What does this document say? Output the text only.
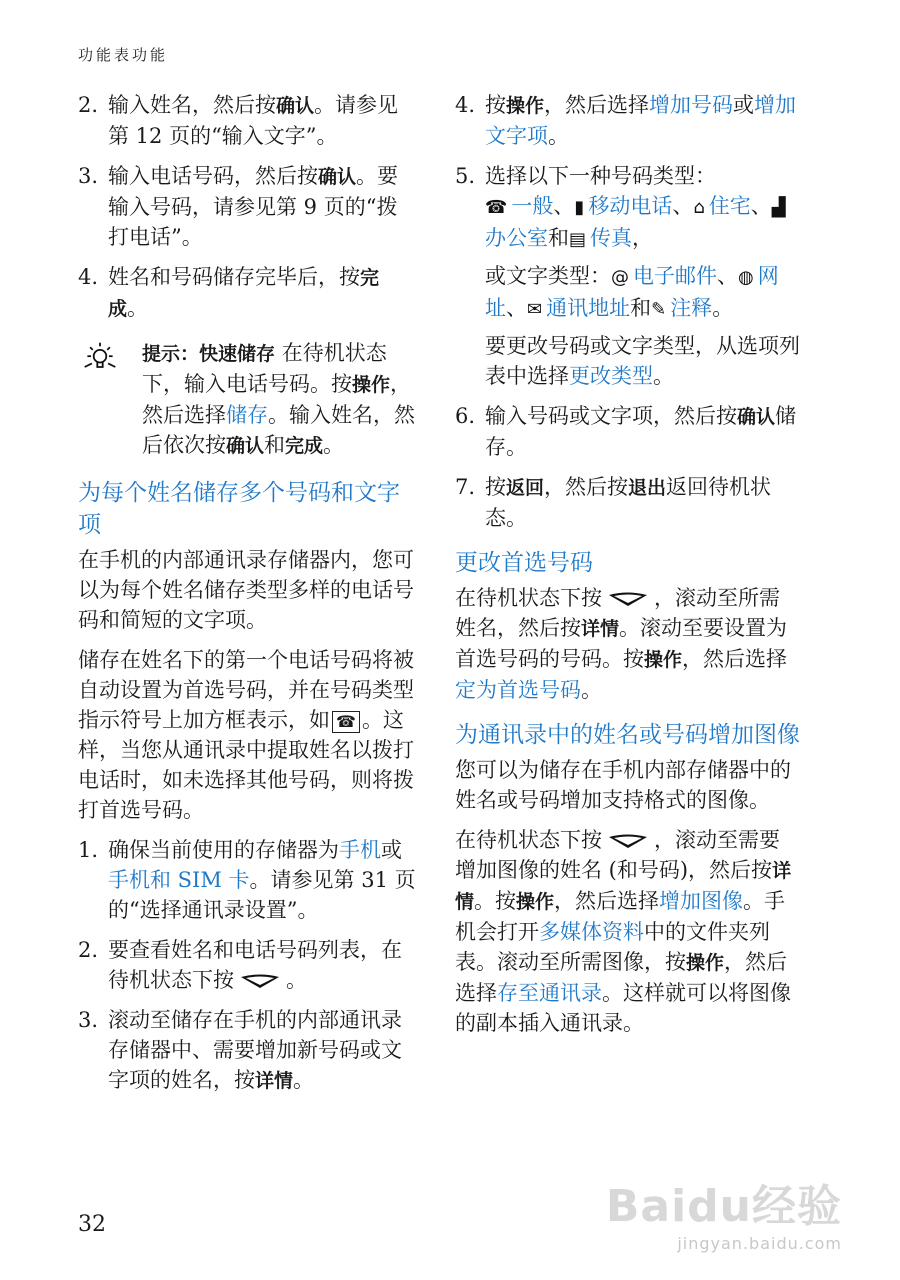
功能表功能
2. 输入姓名，然后按确认。请参见第 12 页的“输入文字”。
3. 输入电话号码，然后按确认。要输入号码，请参见第 9 页的“拨打电话”。
4. 姓名和号码储存完毕后，按完成。

提示：快速储存 在待机状态下，输入电话号码。按操作，然后选择储存。输入姓名，然后依次按确认和完成。

为每个姓名储存多个号码和文字项

在手机的内部通讯录存储器内，您可以为每个姓名储存类型多样的电话号码和简短的文字项。

储存在姓名下的第一个电话号码将被自动设置为首选号码，并在号码类型指示符号上加方框表示，如 ☎ 。这样，当您从通讯录中提取姓名以拨打电话时，如未选择其他号码，则将拨打首选号码。

1. 确保当前使用的存储器为手机或手机和 SIM 卡。请参见第 31 页的“选择通讯录设置”。
2. 要查看姓名和电话号码列表，在待机状态下按 。
3. 滚动至储存在手机的内部通讯录存储器中、需要增加新号码或文字项的姓名，按详情。
4. 按操作，然后选择增加号码或增加文字项。
5. 选择以下一种号码类型：
☎ 一般、▮ 移动电话、⌂ 住宅、▟办公室和▤ 传真，

或文字类型：@ 电子邮件、◍ 网址、✉ 通讯地址和✎ 注释。

要更改号码或文字类型，从选项列表中选择更改类型。

6. 输入号码或文字项，然后按确认储存。
7. 按返回，然后按退出返回待机状态。
更改首选号码

在待机状态下按 ，滚动至所需姓名，然后按详情。滚动至要设置为首选号码的号码。按操作，然后选择定为首选号码。

为通讯录中的姓名或号码增加图像

您可以为储存在手机内部存储器中的姓名或号码增加支持格式的图像。

在待机状态下按 ，滚动至需要增加图像的姓名 (和号码)，然后按详情。按操作，然后选择增加图像。手机会打开多媒体资料中的文件夹列表。滚动至所需图像，按操作，然后选择存至通讯录。这样就可以将图像的副本插入通讯录。

32	Baidu经验
jingyan.baidu.com
